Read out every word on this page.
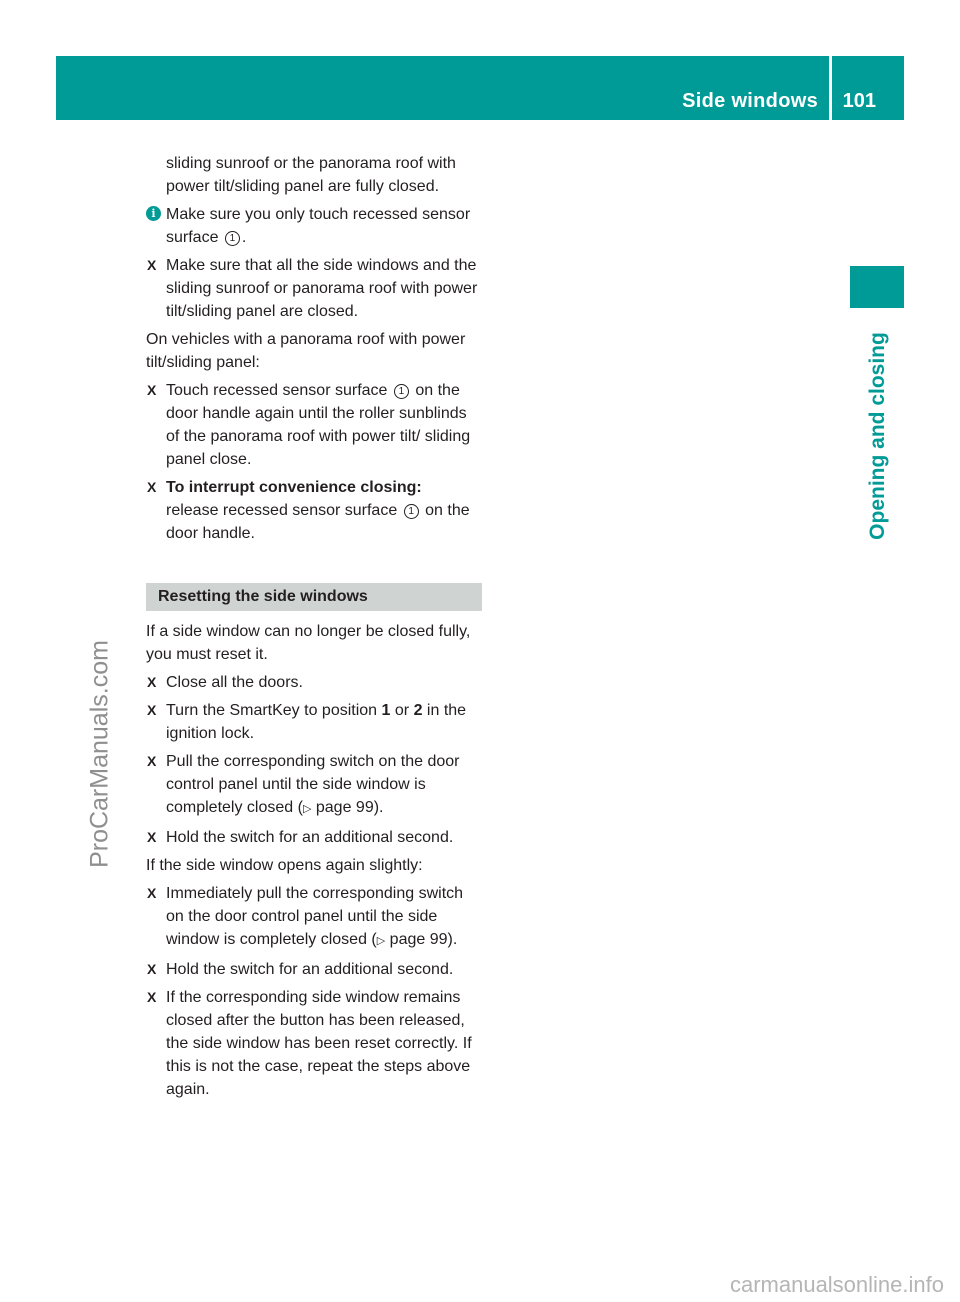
Side windows 101
Opening and closing
ProCarManuals.com
carmanualsonline.info

sliding sunroof or the panorama roof with power tilt/sliding panel are fully closed.

i Make sure you only touch recessed sensor surface 1 .
X Make sure that all the side windows and the sliding sunroof or panorama roof with power tilt/sliding panel are closed.

On vehicles with a panorama roof with power tilt/sliding panel:

X Touch recessed sensor surface 1 on the door handle again until the roller sunblinds of the panorama roof with power tilt/ sliding panel close.
X To interrupt convenience closing:
release recessed sensor surface 1 on the door handle.
Resetting the side windows

If a side window can no longer be closed fully, you must reset it.

X Close all the doors.
X Turn the SmartKey to position 1 or 2 in the ignition lock.
X Pull the corresponding switch on the door control panel until the side window is completely closed (▷ page 99).
X Hold the switch for an additional second.

If the side window opens again slightly:

X Immediately pull the corresponding switch on the door control panel until the side window is completely closed (▷ page 99).
X Hold the switch for an additional second.
X If the corresponding side window remains closed after the button has been released, the side window has been reset correctly. If this is not the case, repeat the steps above again.
